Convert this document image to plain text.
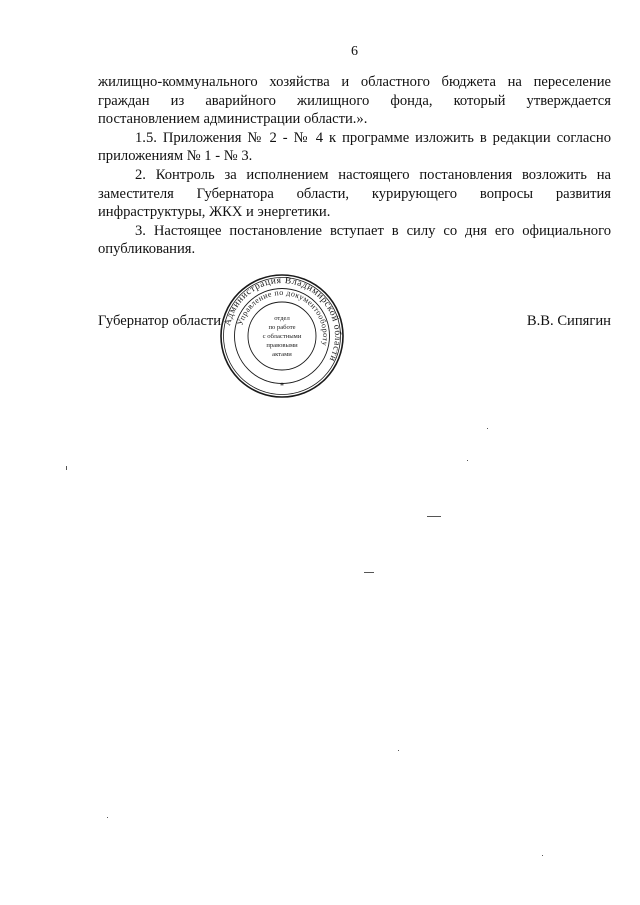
6

жилищно-коммунального хозяйства и областного бюджета на переселение граждан из аварийного жилищного фонда, который утверждается постановлением администрации области.».

1.5. Приложения № 2 - № 4 к программе изложить в редакции согласно приложениям № 1 - № 3.

2. Контроль за исполнением настоящего постановления возложить на заместителя Губернатора области, курирующего вопросы развития инфраструктуры, ЖКХ и энергетики.

3. Настоящее постановление вступает в силу со дня его официального опубликования.

Губернатор области	В.В. Сипягин
Администрация Владимирской области
Управление по документообороту
отдел
по работе
с областными
правовыми
актами
*
